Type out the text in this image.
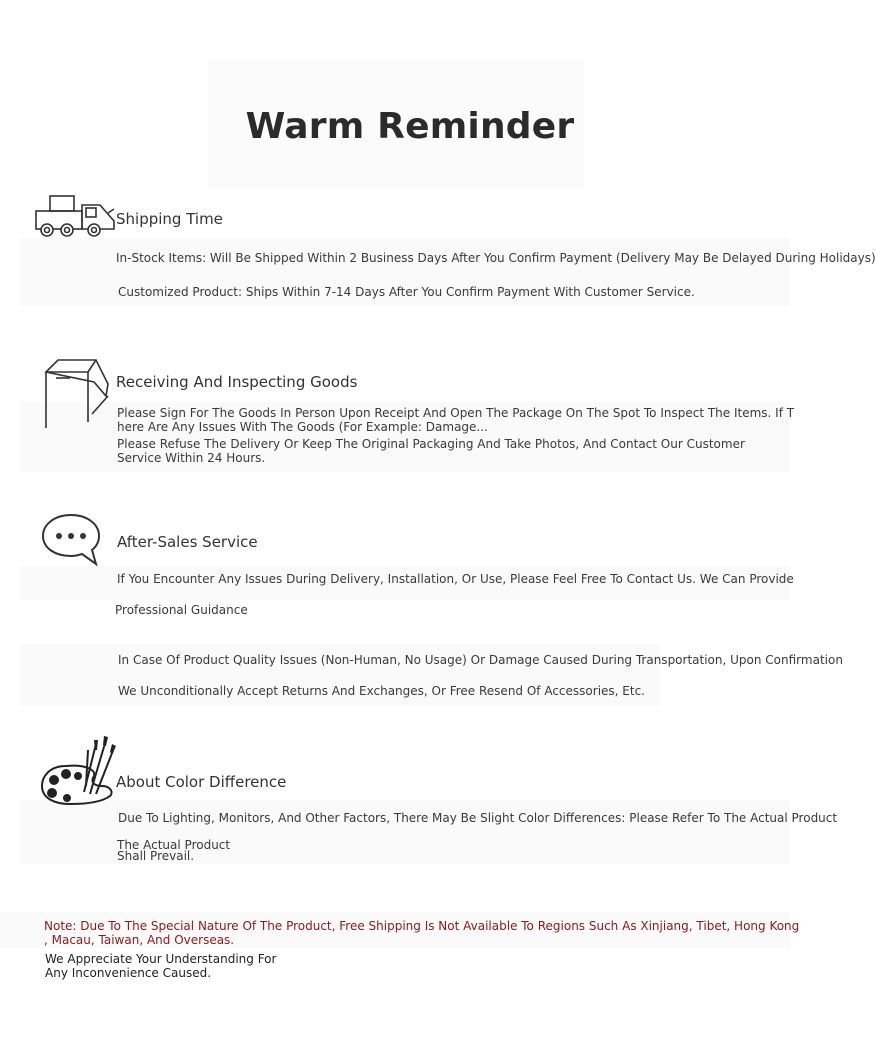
Warm Reminder
Shipping Time
In-Stock Items: Will Be Shipped Within 2 Business Days After You Confirm Payment (Delivery May Be Delayed During Holidays)
Customized Product: Ships Within 7-14 Days After You Confirm Payment With Customer Service.
Receiving And Inspecting Goods
Please Sign For The Goods In Person Upon Receipt And Open The Package On The Spot To Inspect The Items. If T
here Are Any Issues With The Goods (For Example: Damage...
Please Refuse The Delivery Or Keep The Original Packaging And Take Photos, And Contact Our Customer
Service Within 24 Hours.
After-Sales Service
If You Encounter Any Issues During Delivery, Installation, Or Use, Please Feel Free To Contact Us. We Can Provide
Professional Guidance
In Case Of Product Quality Issues (Non-Human, No Usage) Or Damage Caused During Transportation, Upon Confirmation
We Unconditionally Accept Returns And Exchanges, Or Free Resend Of Accessories, Etc.
About Color Difference
Due To Lighting, Monitors, And Other Factors, There May Be Slight Color Differences: Please Refer To The Actual Product
The Actual Product
Shall Prevail.
Note: Due To The Special Nature Of The Product, Free Shipping Is Not Available To Regions Such As Xinjiang, Tibet, Hong Kong
, Macau, Taiwan, And Overseas.
We Appreciate Your Understanding For
Any Inconvenience Caused.
